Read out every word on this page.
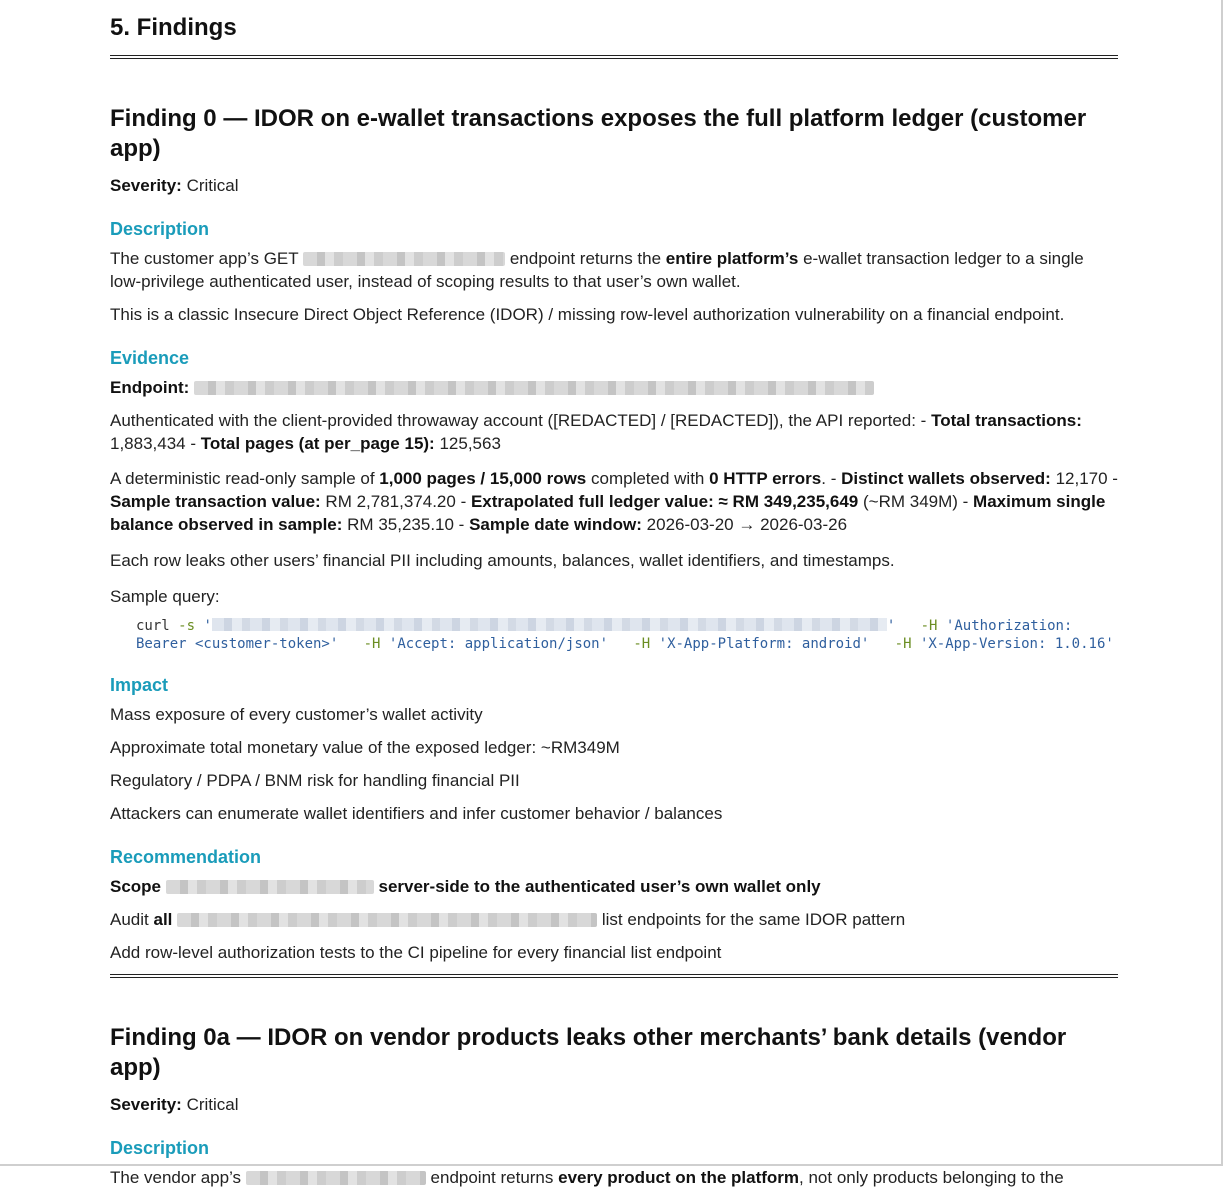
5. Findings
Finding 0 — IDOR on e-wallet transactions exposes the full platform ledger (customer app)

Severity: Critical

Description

The customer app’s GET	endpoint returns the entire platform’s e-wallet transaction ledger to a single low-privilege authenticated user, instead of scoping results to that user’s own wallet.

This is a classic Insecure Direct Object Reference (IDOR) / missing row-level authorization vulnerability on a financial endpoint.

Evidence

Endpoint:

Authenticated with the client-provided throwaway account ([REDACTED] / [REDACTED]), the API reported: - Total transactions: 1,883,434 - Total pages (at per_page 15): 125,563

A deterministic read-only sample of 1,000 pages / 15,000 rows completed with 0 HTTP errors. - Distinct wallets observed: 12,170 - Sample transaction value: RM 2,781,374.20 - Extrapolated full ledger value: ≈ RM 349,235,649 (~RM 349M) - Maximum single balance observed in sample: RM 35,235.10 - Sample date window: 2026-03-20 → 2026-03-26

Each row leaks other users’ financial PII including amounts, balances, wallet identifiers, and timestamps.

Sample query:

curl -s '	' -H 'Authorization: Bearer <customer-token>' -H 'Accept: application/json' -H 'X-App-Platform: android' -H 'X-App-Version: 1.0.16'
Impact

Mass exposure of every customer’s wallet activity

Approximate total monetary value of the exposed ledger: ~RM349M

Regulatory / PDPA / BNM risk for handling financial PII

Attackers can enumerate wallet identifiers and infer customer behavior / balances

Recommendation

Scope	server-side to the authenticated user’s own wallet only

Audit all	list endpoints for the same IDOR pattern

Add row-level authorization tests to the CI pipeline for every financial list endpoint

Finding 0a — IDOR on vendor products leaks other merchants’ bank details (vendor app)

Severity: Critical

Description

The vendor app’s	endpoint returns every product on the platform, not only products belonging to the
